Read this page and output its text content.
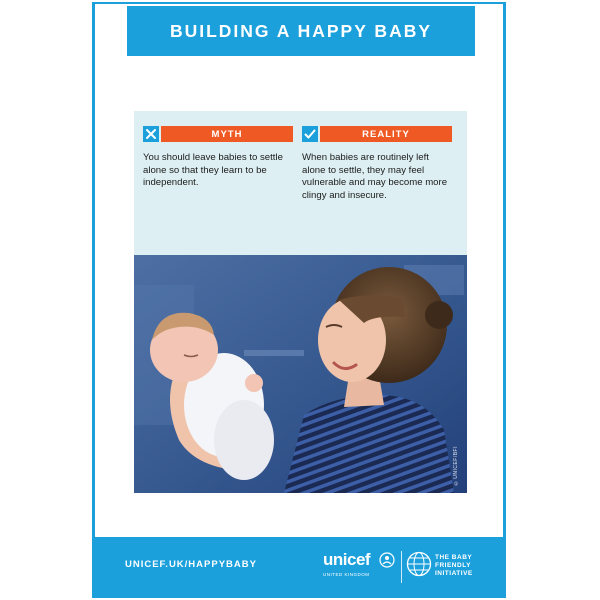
BUILDING A HAPPY BABY
MYTH

You should leave babies to settle alone so that they learn to be independent.

REALITY

When babies are routinely left alone to settle, they may feel vulnerable and may become more clingy and insecure.

©UNICEF/BFI
UNICEF.UK/HAPPYBABY	unicef
UNITED KINGDOM
THE BABY
FRIENDLY
INITIATIVE
